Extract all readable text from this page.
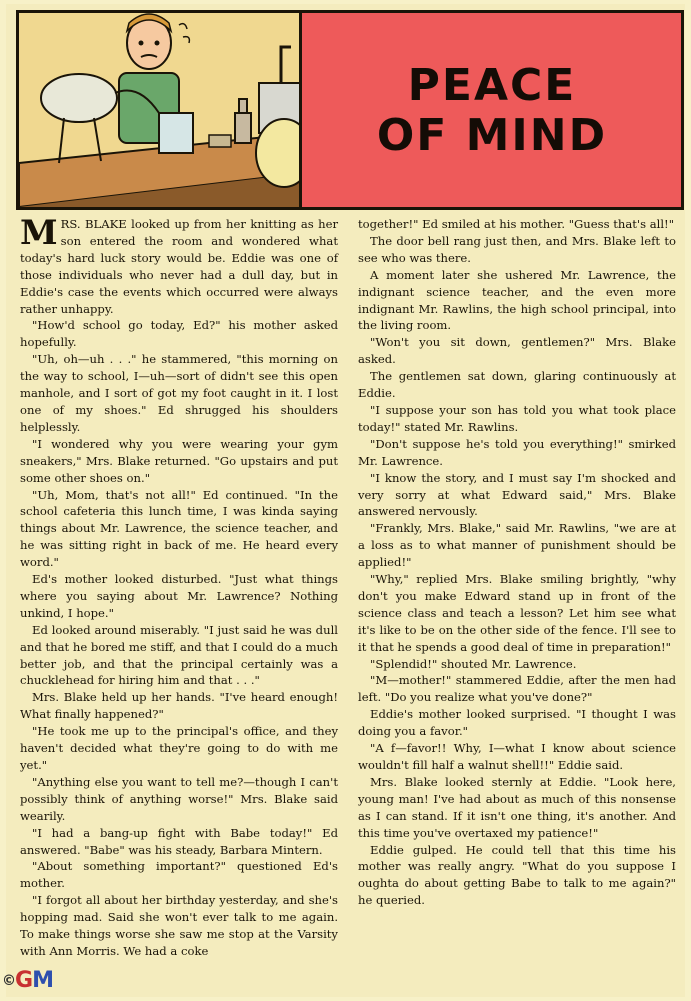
PEACE
OF MIND

MRS. BLAKE looked up from her knitting as her son entered the room and wondered what today's hard luck story would be. Eddie was one of those individuals who never had a dull day, but in Eddie's case the events which occurred were always rather unhappy.

"How'd school go today, Ed?" his mother asked hopefully.

"Uh, oh—uh . . ." he stammered, "this morning on the way to school, I—uh—sort of didn't see this open manhole, and I sort of got my foot caught in it. I lost one of my shoes." Ed shrugged his shoulders helplessly.

"I wondered why you were wearing your gym sneakers," Mrs. Blake returned. "Go upstairs and put some other shoes on."

"Uh, Mom, that's not all!" Ed continued. "In the school cafeteria this lunch time, I was kinda saying things about Mr. Lawrence, the science teacher, and he was sitting right in back of me. He heard every word."

Ed's mother looked disturbed. "Just what things where you saying about Mr. Lawrence? Nothing unkind, I hope."

Ed looked around miserably. "I just said he was dull and that he bored me stiff, and that I could do a much better job, and that the principal certainly was a chucklehead for hiring him and that . . ."

Mrs. Blake held up her hands. "I've heard enough! What finally happened?"

"He took me up to the principal's office, and they haven't decided what they're going to do with me yet."

"Anything else you want to tell me?—though I can't possibly think of anything worse!" Mrs. Blake said wearily.

"I had a bang-up fight with Babe today!" Ed answered. "Babe" was his steady, Barbara Mintern.

"About something important?" questioned Ed's mother.

"I forgot all about her birthday yesterday, and she's hopping mad. Said she won't ever talk to me again. To make things worse she saw me stop at the Varsity with Ann Morris. We had a coke

together!" Ed smiled at his mother. "Guess that's all!"

The door bell rang just then, and Mrs. Blake left to see who was there.

A moment later she ushered Mr. Lawrence, the indignant science teacher, and the even more indignant Mr. Rawlins, the high school principal, into the living room.

"Won't you sit down, gentlemen?" Mrs. Blake asked.

The gentlemen sat down, glaring continuously at Eddie.

"I suppose your son has told you what took place today!" stated Mr. Rawlins.

"Don't suppose he's told you everything!" smirked Mr. Lawrence.

"I know the story, and I must say I'm shocked and very sorry at what Edward said," Mrs. Blake answered nervously.

"Frankly, Mrs. Blake," said Mr. Rawlins, "we are at a loss as to what manner of punishment should be applied!"

"Why," replied Mrs. Blake smiling brightly, "why don't you make Edward stand up in front of the science class and teach a lesson? Let him see what it's like to be on the other side of the fence. I'll see to it that he spends a good deal of time in preparation!"

"Splendid!" shouted Mr. Lawrence.

"M—mother!" stammered Eddie, after the men had left. "Do you realize what you've done?"

Eddie's mother looked surprised. "I thought I was doing you a favor."

"A f—favor!! Why, I—what I know about science wouldn't fill half a walnut shell!!" Eddie said.

Mrs. Blake looked sternly at Eddie. "Look here, young man! I've had about as much of this nonsense as I can stand. If it isn't one thing, it's another. And this time you've overtaxed my patience!"

Eddie gulped. He could tell that this time his mother was really angry. "What do you suppose I oughta do about getting Babe to talk to me again?" he queried.

©GM
